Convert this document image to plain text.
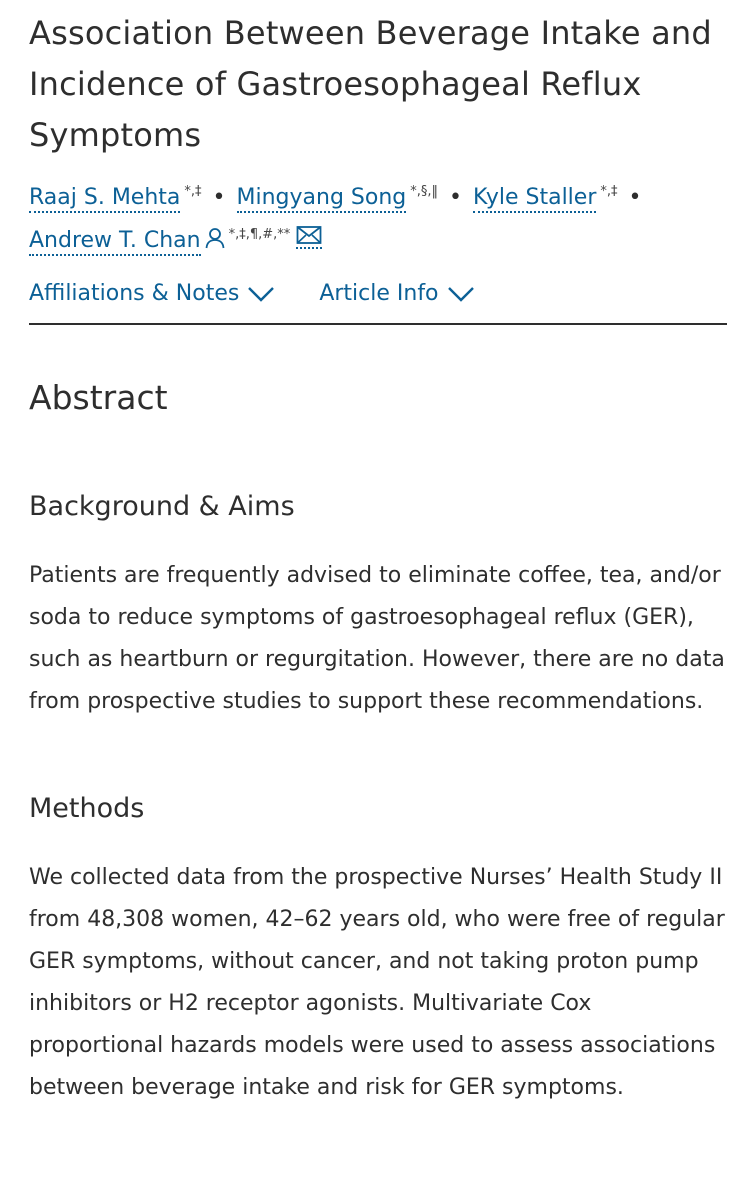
Association Between Beverage Intake and Incidence of Gastroesophageal Reflux Symptoms
Raaj S. Mehta *,‡ • Mingyang Song *,§,‖ • Kyle Staller *,‡ •
Andrew T. Chan *,‡,¶,#,**
Affiliations & Notes	Article Info
Abstract
Background & Aims

Patients are frequently advised to eliminate coffee, tea, and/or soda to reduce symptoms of gastroesophageal reflux (GER), such as heartburn or regurgitation. However, there are no data from prospective studies to support these recommendations.

Methods

We collected data from the prospective Nurses’ Health Study II from 48,308 women, 42–62 years old, who were free of regular GER symptoms, without cancer, and not taking proton pump inhibitors or H2 receptor agonists. Multivariate Cox proportional hazards models were used to assess associations between beverage intake and risk for GER symptoms.
